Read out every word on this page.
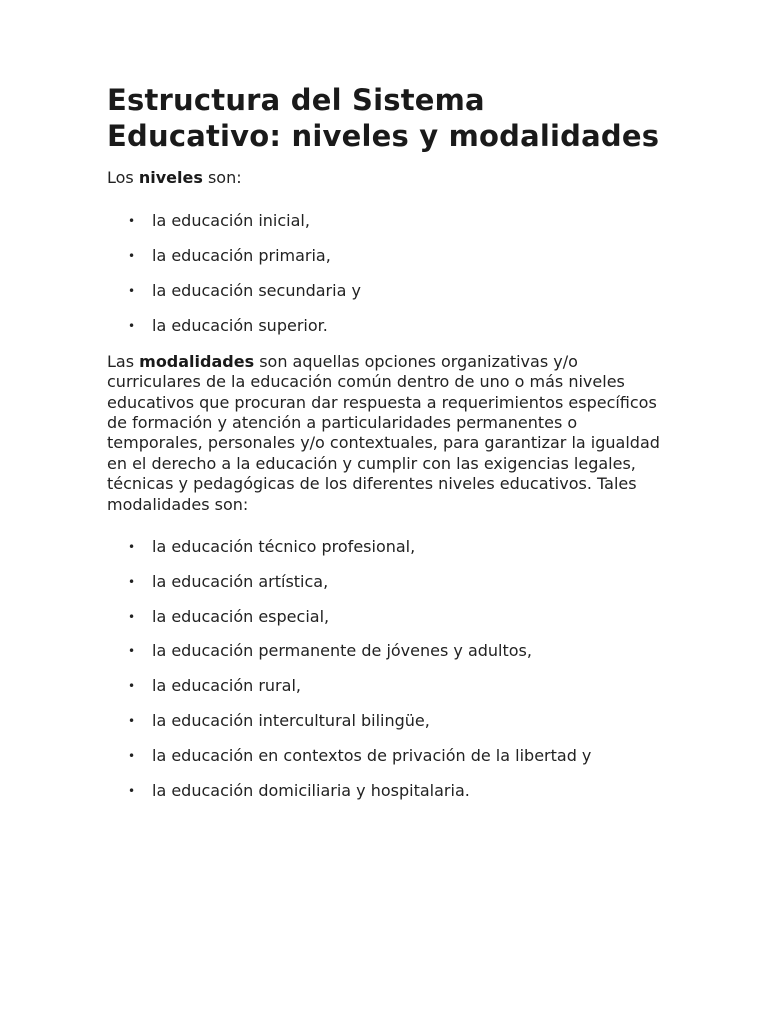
Estructura del Sistema Educativo: niveles y modalidades

Los niveles son:

• la educación inicial,
• la educación primaria,
• la educación secundaria y
• la educación superior.

Las modalidades son aquellas opciones organizativas y/o curriculares de la educación común dentro de uno o más niveles educativos que procuran dar respuesta a requerimientos específicos de formación y atención a particularidades permanentes o temporales, personales y/o contextuales, para garantizar la igualdad en el derecho a la educación y cumplir con las exigencias legales, técnicas y pedagógicas de los diferentes niveles educativos. Tales modalidades son:

• la educación técnico profesional,
• la educación artística,
• la educación especial,
• la educación permanente de jóvenes y adultos,
• la educación rural,
• la educación intercultural bilingüe,
• la educación en contextos de privación de la libertad y
• la educación domiciliaria y hospitalaria.
